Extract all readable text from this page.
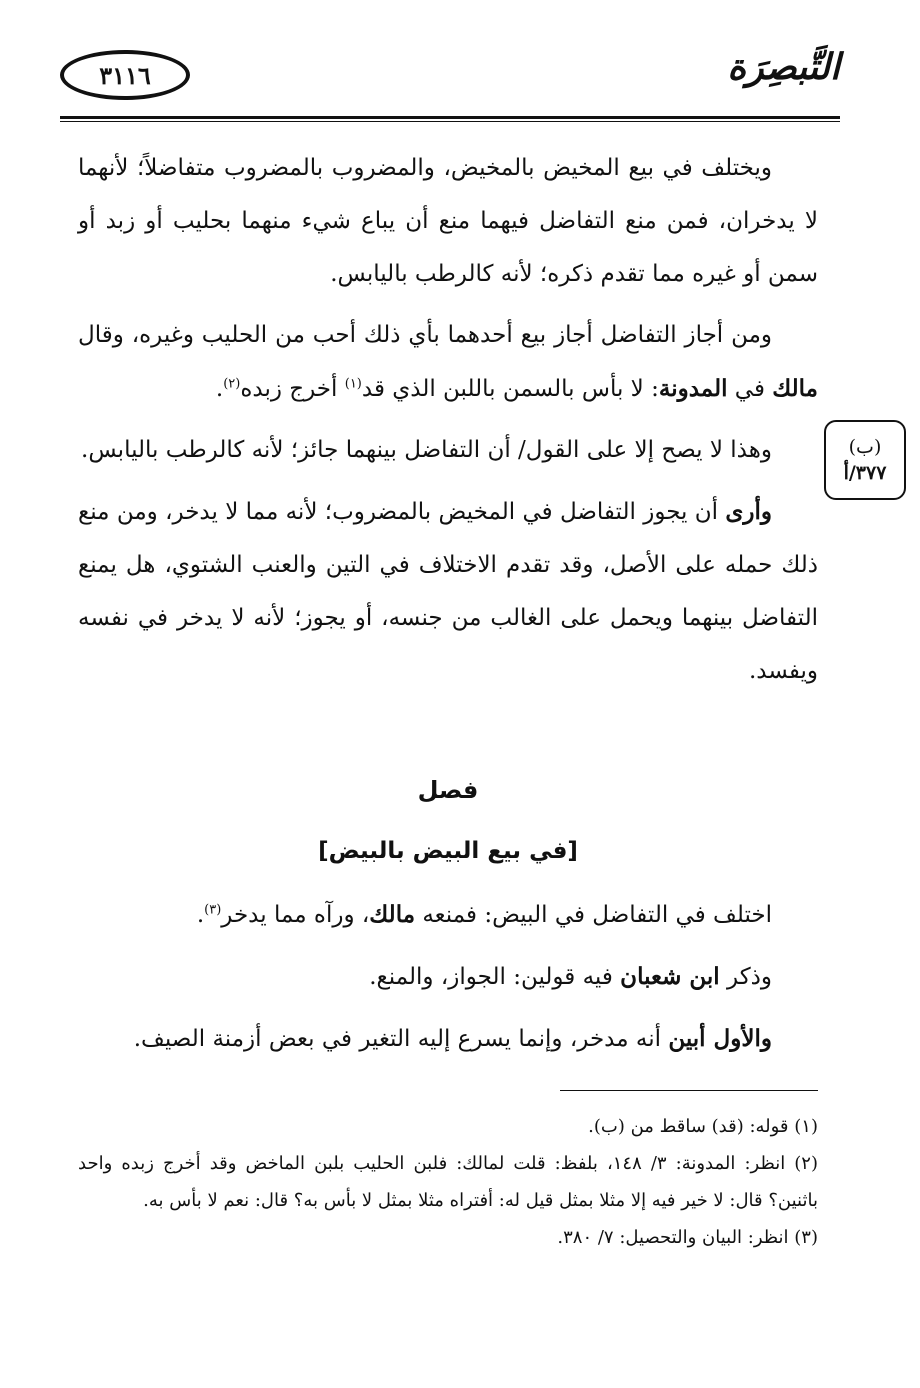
٣١١٦	التَّبصِرَة
(ب)
٣٧٧/أ

ويختلف في بيع المخيض بالمخيض، والمضروب بالمضروب متفاضلاً؛ لأنهما لا يدخران، فمن منع التفاضل فيهما منع أن يباع شيء منهما بحليب أو زبد أو سمن أو غيره مما تقدم ذكره؛ لأنه كالرطب باليابس.

ومن أجاز التفاضل أجاز بيع أحدهما بأي ذلك أحب من الحليب وغيره، وقال مالك في المدونة: لا بأس بالسمن باللبن الذي قد$^{(١)}$ أخرج زبده$^{(٢)}$.

وهذا لا يصح إلا على القول/ أن التفاضل بينهما جائز؛ لأنه كالرطب باليابس.

وأرى أن يجوز التفاضل في المخيض بالمضروب؛ لأنه مما لا يدخر، ومن منع ذلك حمله على الأصل، وقد تقدم الاختلاف في التين والعنب الشتوي، هل يمنع التفاضل بينهما ويحمل على الغالب من جنسه، أو يجوز؛ لأنه لا يدخر في نفسه ويفسد.

فصل
[في بيع البيض بالبيض]

اختلف في التفاضل في البيض: فمنعه مالك، ورآه مما يدخر$^{(٣)}$.

وذكر ابن شعبان فيه قولين: الجواز، والمنع.

والأول أبين أنه مدخر، وإنما يسرع إليه التغير في بعض أزمنة الصيف.

(١) قوله: (قد) ساقط من (ب).

(٢) انظر: المدونة: ٣/ ١٤٨، بلفظ: قلت لمالك: فلبن الحليب بلبن الماخض وقد أخرج زبده واحد باثنين؟ قال: لا خير فيه إلا مثلا بمثل قيل له: أفتراه مثلا بمثل لا بأس به؟ قال: نعم لا بأس به.

(٣) انظر: البيان والتحصيل: ٧/ ٣٨٠.
